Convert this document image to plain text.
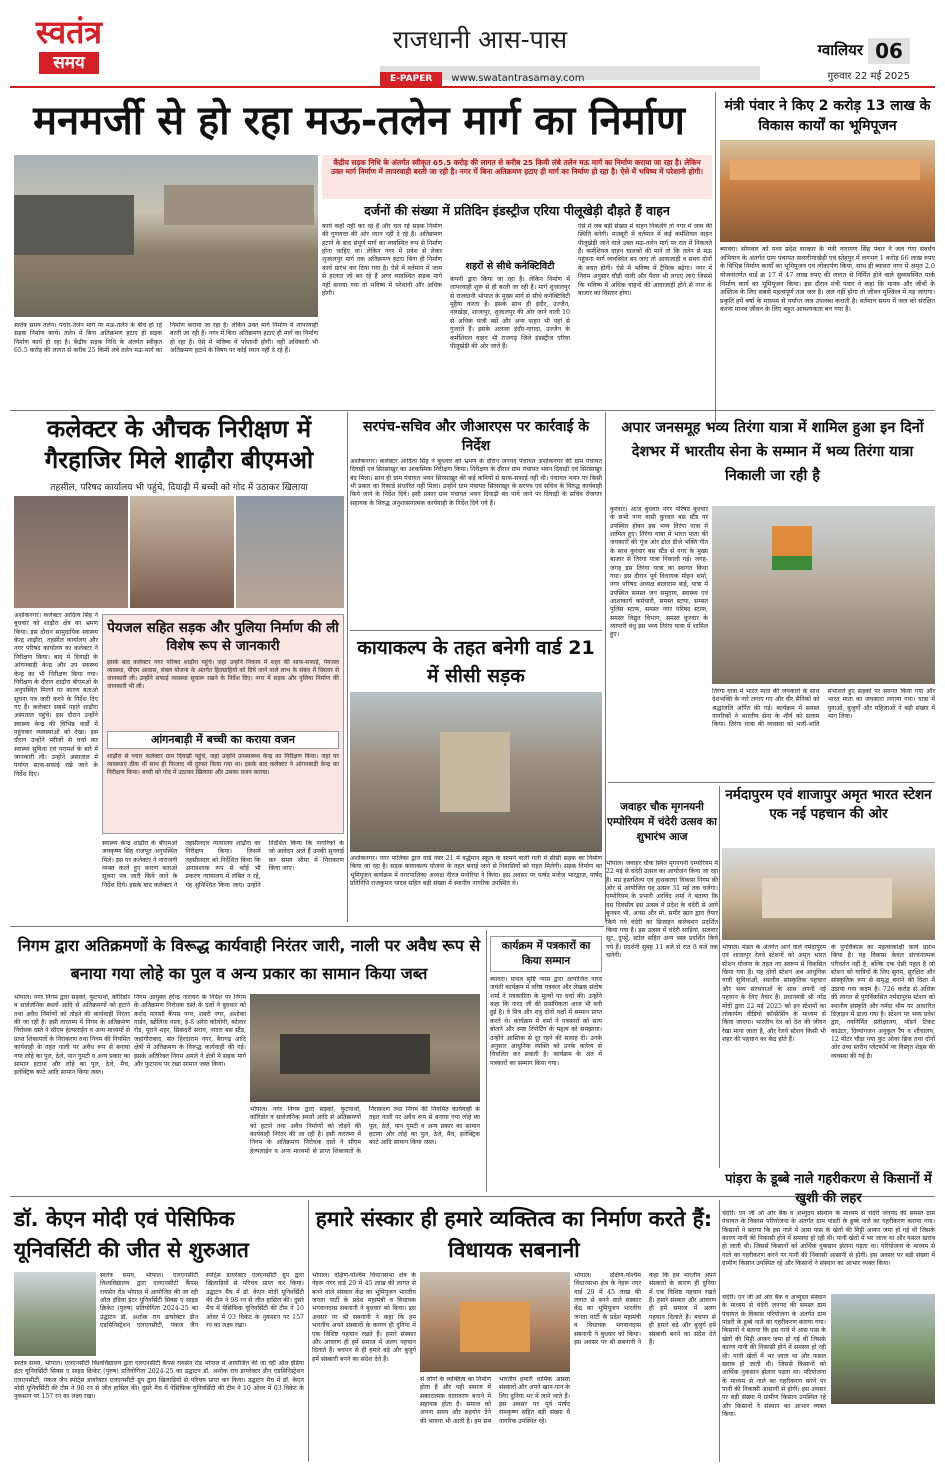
स्वतंत्र
समय
राजधानी आस-पास
E-PAPER www.swatantrasamay.com
ग्वालियर 06
गुरुवार 22 मई 2025
मनमर्जी से हो रहा मऊ-तलेन मार्ग का निर्माण
केंद्रीय सड़क निधि के अंतर्गत स्वीकृत 65.5 करोड़ की लागत से करीब 25 किमी लंबे तलेन मऊ मार्ग का निर्माण कराया जा रहा है। लेकिन उक्त मार्ग निर्माण में लापरवाही बरती जा रही है। नगर में बिना अतिक्रमण हटाए ही मार्ग का निर्माण हो रहा है। ऐसे में भविष्य में परेशानी होगी।
दर्जनों की संख्या में प्रतिदिन इंडस्ट्रीज एरिया पीलूखेड़ी दौड़ते हैं वाहन
स्वतंत्र समय तलेन। पचोर-तलेन मार्ग पर मऊ-तलेन के बीच हो रहे सड़क निर्माण कार्य। तलेन में बिना अतिक्रमण हटाए ही सड़क निर्माण कार्य हो रहा है। केंद्रीय सड़क निधि के अंतर्गत स्वीकृत 65.5 करोड़ की लागत से करीब 25 किमी लंबे तलेन मऊ मार्ग का निर्माण कराया जा रहा है। लेकिन उक्त मार्ग निर्माण में लापरवाही बरती जा रही है। नगर में बिना अतिक्रमण हटाए ही मार्ग का निर्माण हो रहा है। ऐसे में भविष्य में परेशानी होगी। वहीं अधिकारी भी अतिक्रमण हटाने के विषय पर कोई ध्यान नहीं दे रहे हैं।
कार्य कहाँ नहीं कर रहे हैं और चल रहे सड़क निर्माण की गुणवत्ता की ओर ध्यान नहीं दे रहे हैं। अतिक्रमण हटाने के बाद संपूर्ण मार्ग का व्यवस्थित रूप से निर्माण होना चाहिए था। लेकिन नगर में प्रवेश से लेकर शुजालपुर मार्ग तक अतिक्रमण हटाए बिना ही निर्माण कार्य प्रारंभ कर दिया गया है। ऐसे में वर्तमान में जाम से हालात जो बन रहे हैं अगर व्यवस्थित सड़क मार्ग नहीं बनाया गया तो भविष्य में परेशानी और अधिक होगी।
शहरों से सीधे कनेक्टिविटी
कंपनी द्वारा किया जा रहा है। लेकिन निर्माण में लापरवाही शुरू से ही बरती जा रही है। मार्ग शुजालपुर से राजधानी भोपाल के मुख्य मार्ग से सीधे कनेक्टिविटी मुहैया करता है। इसके साथ ही इंदौर, उज्जैन, नलखेड़ा, शाजापुर, शुजालपुर की ओर जाने वाली 10 से अधिक यात्री बसें और अन्य वाहन भी यहां से गुजरते हैं। इसके अलावा इंदौर-नागदा, उज्जैन के कर्मशियल वाहन भी राजगढ़ जिले इंडस्ट्रीज एरिया पीलूखेड़ी की ओर जाते हैं।
ऐसे में जब बड़ी संख्या में वाहन निकलेंगे तो नगर में जाम की स्थिति बनेगी। मजबूरी में वर्तमान में कई कर्मशियल वाहन पीलूखेड़ी जाने वाले उक्त मऊ-तलेन मार्ग पर रात में निकलते हैं। कर्मशियल वाहन चालकों की मानें तो कि तलेन से मऊ पहुंचना मार्ग व्यवस्थित बन जाए तो आवाजाही व समय दोनों के बचत होगी। ऐसे में भविष्य में ट्रैफिक बढ़ेगा। नगर में नियम अनुसार चौड़ी नाली और पैदल भी लगाए जाएं जिससे कि भविष्य में अधिक वाहनों की आवाजाही होने से नगर के बाजार का विस्तार होगा।
मंत्री पंवार ने किए 2 करोड़ 13 लाख के विकास कार्यों का भूमिपूजन
ब्यावरा। सोमवार को मध्य प्रदेश सरकार के मंत्री नारायण सिंह पंवार ने जल गंगा संवर्धन अभियान के अंतर्गत ग्राम पंचायत सलारीयाखेड़ी एवं स्तेहपुर में लगभग 1 करोड़ 66 लाख रुपए के विभिन्न निर्माण कार्यों का भूमिपूजन एवं लोकार्पण किया, साथ ही ब्यावरा नगर में अमृत 2.0 योजनांतर्गत वार्ड क्र 17 में 47 लाख रुपए की लागत से निर्मित होने वाले सुव्यवस्थित पार्क निर्माण कार्य का भूमिपूजन किया। इस दौरान मंत्री पंवार ने कहा कि मानव और जीवों के अस्तित्व के लिए सबसे महत्वपूर्ण तत्व जल है। जल नहीं होगा तो जीवन मुश्किल में पड़ जाएगा। प्रकृति हमें वर्षा के माध्यम से पर्याप्त जल उपलब्ध कराती है। वर्तमान समय में जल को संरक्षित करना मानव जीवन के लिए बहुत आवश्यकता बन गया है।
कलेक्टर के औचक निरीक्षण में गैरहाजिर मिले शाढ़ौरा बीएमओ
तहसील, परिषद कार्यालय भी पहुंचे, दियाढ़ी में बच्ची को गोद में उठाकर खिलाया
अशोकनगर। कलेक्टर आदित्य सिंह ने बुधवार को शाढ़ौरा क्षेत्र का भ्रमण किया। इस दौरान सामुदायिक स्वास्थ्य केन्द्र शाढ़ौरा, तहसील कार्यालय और नगर परिषद कार्यालय का कलेक्टर ने निरीक्षण किया। बाद में दियाढ़ी के आंगनबाड़ी केन्द्र और उप स्वास्थ्य केन्द्र का भी निरीक्षण किया गया। निरीक्षण के दौरान शाढ़ौरा बीएमओ के अनुपस्थित मिलने पर कारण बताओ सूचना पत्र जारी करने के निर्देश दिए गए हैं। कलेक्टर सबसे पहले शाढ़ौरा अस्पताल पहुंचे। इस दौरान उन्होंने स्वास्थ्य केन्द्र की विभिन्न वार्डों में पहुंचकर व्यवस्थाओं को देखा। इस दौरान उन्होंने मरीजों से चर्चा कर स्वास्थ्य सुविधा एवं परामर्श के बारे में जानकारी ली। उन्होंने अस्पताल में पर्याप्त साफ-सफाई रखे जाने के निर्देश दिए।
पेयजल सहित सड़क और पुलिया निर्माण की ली विशेष रूप से जानकारी
इसके बाद कलेक्टर नगर परिषद शाढ़ौरा पहुंचे। जहां उन्होंने निकाय में शहर की साफ-सफाई, पेयजल व्यवस्था, पीएम आवास, संबल योजना के अंतर्गत हितग्राहियों को दिये जाने वाले लाभ के संबंध में विस्तार से जानकारी ली। उन्होंने सफाई व्यवस्था सुचारू रखने के निर्देश दिए। नगर में सड़क और पुलिया निर्माण की जानकारी भी ली।
आंगनबाड़ी में बच्ची का कराया वजन
शाढ़ौरा से पचार कलेक्टर ग्राम दियाढ़ी पहुंचे, जहां उन्होंने उपस्वास्थ्य केन्द्र का निरीक्षण किया। जहां पर व्यवस्थाएं ठीक थीं साथ ही फिजाद भी दुरुस्त किया गया था। इसके बाद कलेक्टर ने आंगनबाड़ी केन्द्र का निरीक्षण किया। बच्ची को गोद में उठाकर खिलाया और उसका वजन कराया।
स्वास्थ्य केन्द्र शाढ़ौरा के बीएमओ जयकृष्ण सिंह राजपूत अनुपस्थित मिले। इस पर कलेक्टर ने नाराजगी व्यक्त करते हुए कारण बताओ सूचना पत्र जारी किये जाने के निर्देश दिये। इसके बाद कलेक्टर ने तहसीलदार न्यायालय शाढ़ौरा का निरीक्षण किया। जिसमें तहसीलदार को निर्देशित किया कि अनावश्यक रूप से कोई भी प्रकरण न्यायालय में लंबित न रहे, यह सुनिश्चित किया जाए। उन्होंने निर्देशित किया कि नागरिकों के जो आवेदन आते हैं उनकी सुनवाई कर समय सीमा में निराकरण किया जाए।
सरपंच-सचिव और जीआरएस पर कार्रवाई के निर्देश
अशोकनगर। कलेक्टर आदित्य सिंह ने बुधवार को भ्रमण के दौरान जनपद पंचायत अशोकनगर की ग्राम पंचायत दियाढ़ी एवं सिरसाखुर का आकस्मिक निरीक्षण किया। निरीक्षण के दौरान ग्राम पंचायत भवन दियाढ़ी एवं सिरसाखुर बंद मिला। साथ ही ग्राम पंचायत भवन सिरसाखुर की कई कमियों से साफ-सफाई नहीं थी। पंचायत भवन पर किसी भी प्रकार का रिकार्ड संधारित नहीं मिला। उन्होंने ग्राम पंचायत सिरसाखुर के सरपंच एवं सचिव के विरुद्ध कार्यवाही किये जाने के निर्देश दिये। इसी प्रकार ग्राम पंचायत भवन दियाढ़ी बंद पाये जाने पर दियाढ़ी के सचिव रोजगार सहायक के विरुद्ध अनुशासनात्मक कार्यवाही के निर्देश दिये गये हैं।
कायाकल्प के तहत बनेगी वार्ड 21 में सीसी सड़क
अशोकनगर। नगर पालिका द्वारा वार्ड नंबर 21 में वर्द्धमान स्कूल के सामने वाली गली में सीसी सड़क का निर्माण किया जा रहा है। सड़क कायाकल्प योजना के तहत बनाई जाने से निवासियों को राहत मिलेगी। सड़क निर्माण का भूमिपूजन कार्यक्रम में नगरपालिका अध्यक्ष नीरज मनोरिया ने किया। इस अवसर पर पार्षद मनोज भारद्वाज, पार्षद प्रतिनिधि राजकुमार यादव सहित बड़ी संख्या में स्थानीय नागरिक उपस्थित थे।
अपार जनसमूह भव्य तिरंगा यात्रा में शामिल हुआ इन दिनों देशभर में भारतीय सेना के सम्मान में भव्य तिरंगा यात्रा निकाली जा रही है
कुरवार। आज बुधवार नगर परिषद कुरवार के सभी नगर वासी कुरवार बस स्टैंड पर उपस्थित होकर इस भव्य तिरंगा यात्रा में शामिल हुए। तिरंगा यात्रा में भारत माता की जयकारों की गूंज ओर ढोल डीजे भक्ति गीत के साथ कुरवार बस स्टैंड से नगर के मुख्य बाजार से तिरंगा यात्रा निकाली गई। जगह-जगह इस तिरंगा यात्रा का स्वागत किया गया। इस दौरान पूर्व विधायक मोहन शर्मा, नगर परिषद अध्यक्ष बालाराम बाई, यात्रा में उपस्थित समस्त जन समुदाय, स्वास्थ्य एवं आशाकार्य कर्मचारी, समस्त स्टाफ, समस्त पुलिस स्टाफ, समस्त नगर परिषद स्टाफ, समस्त विद्युत विभाग, समस्त कुरवार के व्यापारी बंधु इस भव्य तिरंगा यात्रा में शामिल हुए।
तिरंगा यात्रा में भारत माता की जयकारों के साथ देशभक्ति के नारे लगाए गए और वीर सैनिकों को श्रद्धांजलि अर्पित की गई। कार्यक्रम में समस्त नागरिकों ने भारतीय सेना के शौर्य को सलाम किया। तिरंगा यात्रा की व्यवस्था को भली-भांति संभालते हुए सड़कों पर स्वागत किया गया और भारत माता का जयकारा लगाया गया। यात्रा में युवाओं, बुजुर्गों और महिलाओं ने बड़ी संख्या में भाग लिया।
जवाहर चौक मृगनयनी एम्पोरियम में चंदेरी उत्सव का शुभारंभ आज
भोपाल। जवाहर चौक स्थित मृगनयनी एम्पोरियम में 22 मई से चंदेरी उत्सव का आयोजन किया जा रहा है। मप्र हस्तशिल्प एवं हाथकरघा विकास निगम की ओर से आयोजित यह उत्सव 31 मई तक चलेगा। एम्पोरियम के प्रभारी अरविंद शर्मा ने बताया कि दस दिवसीय इस उत्सव में प्रदेश के चंदेरी से आये बुनकर भी, अनस और मो. समीर खान द्वारा तैयार किये गये चंदेरी का डिजाइन कलेक्शन प्रदर्शित किया गया है। इस उत्सव में चंदेरी साड़ियां, सलवार सूट, दुपट्टे, स्टोल सहित अन्य वस्त्र प्रदर्शित किये गये हैं। प्रदर्शनी सुबह 11 बजे से रात 8 बजे तक चलेगी।
नर्मदापुरम एवं शाजापुर अमृत भारत स्टेशन एक नई पहचान की ओर
भोपाल। मंडल के अंतर्गत आने वाले नर्मदापुरम एवं शाजापुर रेलवे स्टेशनों को अमृत भारत स्टेशन योजना के तहत नए स्वरूप में विकसित किया गया है। यह दोनों स्टेशन अब आधुनिक यात्री सुविधाओं, स्थानीय सांस्कृतिक पहचान और भव्य संरचनाओं के साथ अपनी नई पहचान के लिए तैयार हैं। प्रधानमंत्री श्री नरेंद्र मोदी द्वारा 22 मई 2025 को इन स्टेशनों का लोकार्पण वीडियो कॉन्फ्रेंसिंग के माध्यम से किया जाएगा। भारतीय रेल को देश की जीवन रेखा माना जाता है, और रेलवे स्टेशन किसी भी शहर की पहचान का केंद्र होते हैं।
के पुनर्विकास का महत्वाकांक्षी कार्य प्रारंभ किया है। यह विकास केवल संरचनात्मक परिवर्तन नहीं है, बल्कि एक ऐसी पहल है जो स्टेशन को यात्रियों के लिए सुगम, सुरक्षित और सांस्कृतिक रूप से समृद्ध बनाने की दिशा में उठाया गया कदम है। 726 करोड़ से अधिक की लागत से पुनर्विकसित नर्मदापुरम स्टेशन को स्थानीय संस्कृति और नर्मदा थीम पर आधारित डिज़ाइन में ढाला गया है। स्टेशन पर भव्य प्रवेश द्वार, नवनिर्मित प्रतीक्षालय, मॉडर्न टिकट काउंटर, दिव्यांगजन अनुकूल रैंप व शौचालय, 12 मीटर चौड़ा नया फुट ओवर ब्रिज तथा दोनों ओर उच्च स्तरीय प्लेटफॉर्म पर विस्तृत शेड्स की व्यवस्था की गई है।
निगम द्वारा अतिक्रमणों के विरूद्ध कार्यवाही निरंतर जारी, नाली पर अवैध रूप से बनाया गया लोहे का पुल व अन्य प्रकार का सामान किया जब्त
भोपाल। नगर निगम द्वारा सड़कों, फुटपाथों, कॉरिडोर व सार्वजनिक स्थलों आदि से अतिक्रमणों को हटाने तथा अवैध निर्माणों को तोड़ने की कार्यवाही निरंतर की जा रही है। इसी तारतम्य में निगम के अतिक्रमण निरोधक दस्ते ने सीएम हेल्पलाईन व अन्य माध्यमों से प्राप्त शिकायतों के निराकरण तथा निगम की नियमित कार्यवाही के तहत नाली पर अवैध रूप से बनाया गया लोहे का पुल, ठेले, पान गुमटी व अन्य प्रकार का सामान हटाया और लोहे का पुल, ठेले, मैच, इलेक्ट्रिक काटे आदि सामान किया जब्त।
निगम आयुक्त हरेन्द्र नारायन के निर्देश पर निगम के अतिक्रमण निरोधक दस्ते के दलों ने बुधवार को करोंद पलासी कैंपस नगर, शबरी नगर, अशोका गार्डन, खोलिया नाला, ई-8 अरेरा कॉलोनी, कोलार रोड, पुराने शहर, सिकंदरी सराय, नादरा बस स्टैंड, जहांगीराबाद, संत हिरदाराम नगर, बैरागढ़ आदि क्षेत्रों में अतिक्रमण के विरूद्ध कार्यवाही की गई। इसके अतिरिक्त निगम अमले ने क्षेत्रों में सड़क मार्ग और फुटपाथ पर रखा सामान जब्त किया।
भोपाल। नगर निगम द्वारा सड़कों, फुटपाथों, कॉरिडोर व सार्वजनिक स्थलों आदि से अतिक्रमणों को हटाने तथा अवैध निर्माणों को तोड़ने की कार्यवाही निरंतर की जा रही है। इसी तारतम्य में निगम के अतिक्रमण निरोधक दस्ते ने सीएम हेल्पलाईन व अन्य माध्यमों से प्राप्त शिकायतों के निराकरण तथा निगम की नियमित कार्यवाही के तहत नाली पर अवैध रूप से बनाया गया लोहे का पुल, ठेले, पान गुमटी व अन्य प्रकार का सामान हटाया और लोहे का पुल, ठेले, मैच, इलेक्ट्रिक काटे आदि सामान किया जब्त।
कार्यक्रम में पत्रकारों का किया सम्मान
ब्यावरा। माधव सृष्टि न्यास द्वारा आयोजित नारद जयंती कार्यक्रम में वरिष्ठ पत्रकार और लेखक संतोष शर्मा ने पत्रकारिता के मूल्यों पर चर्चा की। उन्होंने कहा कि नारद जी की प्रासंगिकता आज भी बनी हुई है। वे मित्र और शत्रु दोनों पक्षों में सम्मान प्राप्त करते थे। कार्यक्रम में शर्मा ने पत्रकारों को सत्य बोलने और स्पष्ट रिपोर्टिंग के महत्व को समझाया। उन्होंने आस्तिक से दूर रहने की सलाह दी। उनके अनुसार आधुनिक व्यक्ति को उनके कर्तव्य से विचलित कर सकती है। कार्यक्रम के अंत में पत्रकारों का सम्मान किया गया।
पांड़रा के डूब्बे नाले गहरीकरण से किसानों में खुशी की लहर
चंदेरी। एन जी ओ ओर बैंक व अभ्युदय संस्थान के माध्यम से चंदेरी जनपद की समस्त ग्राम पंचायत के विकास परियोजना के अंतर्गत ग्राम पांडरी के डूब्बे नाले का गहरीकरण कराया गया। किसानों ने बताया कि इस नाले में आस पास के खेतों की मिट्टी आकर जमा हो गई थी जिसके कारण पानी की निकासी होने में समस्या हो रही थी। पानी खेतों में भर जाता था और फसल खराब हो जाती थी। जिससे किसानों को आर्थिक नुकसान झेलना पड़ता था। परियोजना के माध्यम से नाले का गहरीकरण करने पर पानी की निकासी आसानी से होगी। इस अवसर पर बड़ी संख्या में ग्रामीण किसान उपस्थित रहे और किसानों ने संस्थान का आभार व्यक्त किया।
चंदेरी। एन जी ओ ओर बैंक व अभ्युदय संस्थान के माध्यम से चंदेरी जनपद की समस्त ग्राम पंचायत के विकास परियोजना के अंतर्गत ग्राम पांडरी के डूब्बे नाले का गहरीकरण कराया गया। किसानों ने बताया कि इस नाले में आस पास के खेतों की मिट्टी आकर जमा हो गई थी जिसके कारण पानी की निकासी होने में समस्या हो रही थी। पानी खेतों में भर जाता था और फसल खराब हो जाती थी। जिससे किसानों को आर्थिक नुकसान झेलना पड़ता था। परियोजना के माध्यम से नाले का गहरीकरण करने पर पानी की निकासी आसानी से होगी। इस अवसर पर बड़ी संख्या में ग्रामीण किसान उपस्थित रहे और किसानों ने संस्थान का आभार व्यक्त किया।
डॉ. केएन मोदी एवं पेसिफिक यूनिवर्सिटी की जीत से शुरुआत
स्वतंत्र समय, भोपाल। एलएनसीटी विश्वविद्यालय द्वारा एलएनसीटी कैंपस रायसेन रोड भोपाल में आयोजित की जा रही ऑल इंडिया इंटर यूनिवर्सिटी सिक्स ए साइड क्रिकेट (पुरुष) प्रतियोगिता 2024-25 का उद्घाटन डॉ. अशोक राय डायरेक्टर डीन एडमिनिस्ट्रेशन एलएनसीटी, पंकज जैन स्पोर्ट्स डायरेक्टर एलएनसीटी ग्रुप द्वारा खिलाड़ियों से परिचय प्राप्त कर किया। उद्घाटन मैच में डॉ. केएन मोदी यूनिवर्सिटी की टीम ने 98 रन से जीत हासिल की। दूसरे मैच में पेसिफिक यूनिवर्सिटी की टीम ने 10 ओवर में 03 विकेट के नुकसान पर 157 रन का लक्ष्य रखा।
स्वतंत्र समय, भोपाल। एलएनसीटी विश्वविद्यालय द्वारा एलएनसीटी कैंपस रायसेन रोड भोपाल में आयोजित की जा रही ऑल इंडिया इंटर यूनिवर्सिटी सिक्स ए साइड क्रिकेट (पुरुष) प्रतियोगिता 2024-25 का उद्घाटन डॉ. अशोक राय डायरेक्टर डीन एडमिनिस्ट्रेशन एलएनसीटी, पंकज जैन स्पोर्ट्स डायरेक्टर एलएनसीटी ग्रुप द्वारा खिलाड़ियों से परिचय प्राप्त कर किया। उद्घाटन मैच में डॉ. केएन मोदी यूनिवर्सिटी की टीम ने 98 रन से जीत हासिल की। दूसरे मैच में पेसिफिक यूनिवर्सिटी की टीम ने 10 ओवर में 03 विकेट के नुकसान पर 157 रन का लक्ष्य रखा।
हमारे संस्कार ही हमारे व्यक्तित्व का निर्माण करते हैं: विधायक सबनानी
भोपाल। दक्षिण-पश्चिम विधानसभा क्षेत्र के नेहरू नगर वार्ड 29 में 45 लाख की लागत से बनने वाले संस्कार केंद्र का भूमिपूजन भारतीय जनता पार्टी के प्रदेश महामंत्री व विधायक भगवानदास सबनानी ने बुधवार को किया। इस अवसर पर श्री सबनानी ने कहा कि हम भारतीय अपने संस्कारों के कारण ही दुनिया में एक विशिष्ट पहचान रखते हैं। हमारे संस्कार और आचरण ही हमें समाज में अलग पहचान दिलाते हैं। बचपन से ही हमारे बड़े और बुजुर्ग हमें संस्कारी बनने का संदेश देते हैं।
से लोगों के व्यक्तित्व का निर्माण होता है और यही समाज में सकारात्मक वातावरण बनाने में सहायक होता है। समाज को अपना समय और सहयोग देने की भावना भी आती है। हम सब भारतीय हमारी धार्मिक आस्था संस्कारों और अपने खान-पान के लिए दुनिया भर में जाने जाते हैं। इस अवसर पर पूर्व पार्षद रामकृष्ण सहित बड़ी संख्या में नागरिक उपस्थित रहे।
भोपाल। दक्षिण-पश्चिम विधानसभा क्षेत्र के नेहरू नगर वार्ड 29 में 45 लाख की लागत से बनने वाले संस्कार केंद्र का भूमिपूजन भारतीय जनता पार्टी के प्रदेश महामंत्री व विधायक भगवानदास सबनानी ने बुधवार को किया। इस अवसर पर श्री सबनानी ने कहा कि हम भारतीय अपने संस्कारों के कारण ही दुनिया में एक विशिष्ट पहचान रखते हैं। हमारे संस्कार और आचरण ही हमें समाज में अलग पहचान दिलाते हैं। बचपन से ही हमारे बड़े और बुजुर्ग हमें संस्कारी बनने का संदेश देते हैं।
